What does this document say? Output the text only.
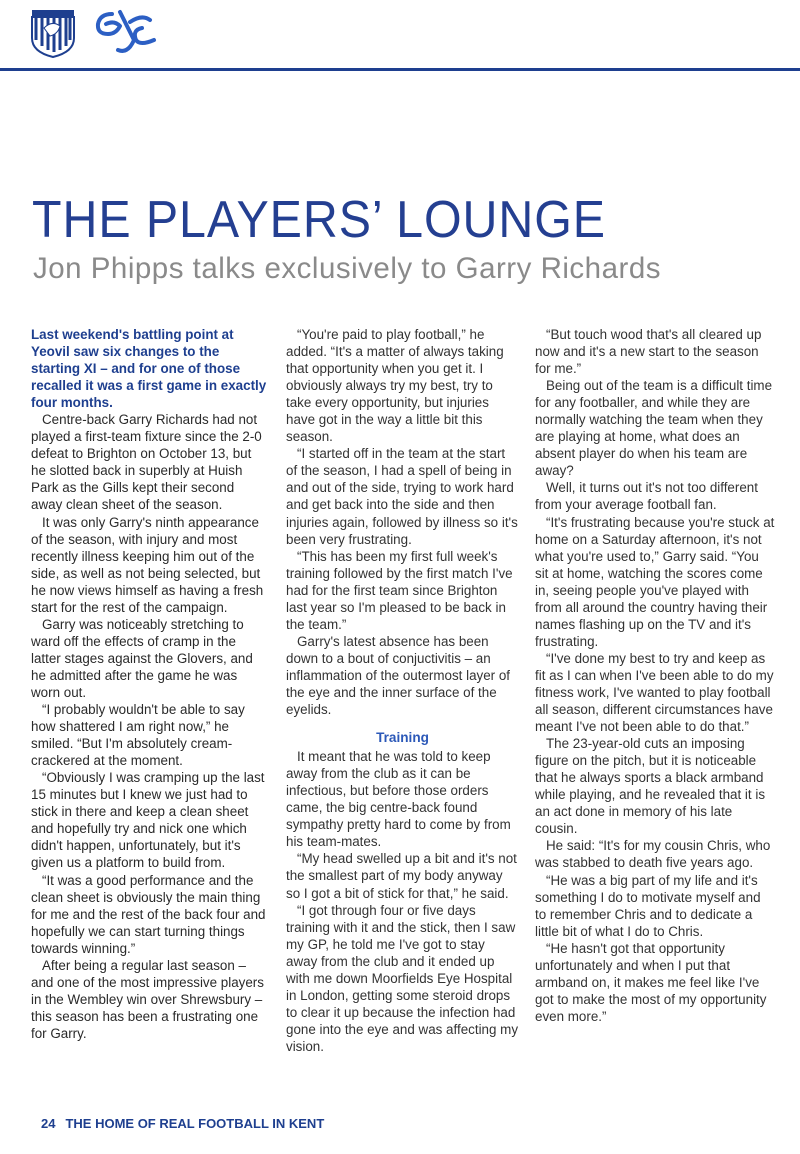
THE PLAYERS’ LOUNGE
Jon Phipps talks exclusively to Garry Richards

Last weekend's battling point at Yeovil saw six changes to the starting XI – and for one of those recalled it was a first game in exactly four months.

Centre-back Garry Richards had not played a first-team fixture since the 2-0 defeat to Brighton on October 13, but he slotted back in superbly at Huish Park as the Gills kept their second away clean sheet of the season.

It was only Garry's ninth appearance of the season, with injury and most recently illness keeping him out of the side, as well as not being selected, but he now views himself as having a fresh start for the rest of the campaign.

Garry was noticeably stretching to ward off the effects of cramp in the latter stages against the Glovers, and he admitted after the game he was worn out.

“I probably wouldn't be able to say how shattered I am right now,” he smiled. “But I'm absolutely cream-crackered at the moment.

“Obviously I was cramping up the last 15 minutes but I knew we just had to stick in there and keep a clean sheet and hopefully try and nick one which didn't happen, unfortunately, but it's given us a platform to build from.

“It was a good performance and the clean sheet is obviously the main thing for me and the rest of the back four and hopefully we can start turning things towards winning.”

After being a regular last season – and one of the most impressive players in the Wembley win over Shrewsbury – this season has been a frustrating one for Garry.

“You're paid to play football,” he added. “It's a matter of always taking that opportunity when you get it. I obviously always try my best, try to take every opportunity, but injuries have got in the way a little bit this season.

“I started off in the team at the start of the season, I had a spell of being in and out of the side, trying to work hard and get back into the side and then injuries again, followed by illness so it's been very frustrating.

“This has been my first full week's training followed by the first match I've had for the first team since Brighton last year so I'm pleased to be back in the team.”

Garry's latest absence has been down to a bout of conjuctivitis – an inflammation of the outermost layer of the eye and the inner surface of the eyelids.

Training

It meant that he was told to keep away from the club as it can be infectious, but before those orders came, the big centre-back found sympathy pretty hard to come by from his team-mates.

“My head swelled up a bit and it's not the smallest part of my body anyway so I got a bit of stick for that,” he said.

“I got through four or five days training with it and the stick, then I saw my GP, he told me I've got to stay away from the club and it ended up with me down Moorfields Eye Hospital in London, getting some steroid drops to clear it up because the infection had gone into the eye and was affecting my vision.

“But touch wood that's all cleared up now and it's a new start to the season for me.”

Being out of the team is a difficult time for any footballer, and while they are normally watching the team when they are playing at home, what does an absent player do when his team are away?

Well, it turns out it's not too different from your average football fan.

“It's frustrating because you're stuck at home on a Saturday afternoon, it's not what you're used to,” Garry said. “You sit at home, watching the scores come in, seeing people you've played with from all around the country having their names flashing up on the TV and it's frustrating.

“I've done my best to try and keep as fit as I can when I've been able to do my fitness work, I've wanted to play football all season, different circumstances have meant I've not been able to do that.”

The 23-year-old cuts an imposing figure on the pitch, but it is noticeable that he always sports a black armband while playing, and he revealed that it is an act done in memory of his late cousin.

He said: “It's for my cousin Chris, who was stabbed to death five years ago.

“He was a big part of my life and it's something I do to motivate myself and to remember Chris and to dedicate a little bit of what I do to Chris.

“He hasn't got that opportunity unfortunately and when I put that armband on, it makes me feel like I've got to make the most of my opportunity even more.”

24 THE HOME OF REAL FOOTBALL IN KENT
